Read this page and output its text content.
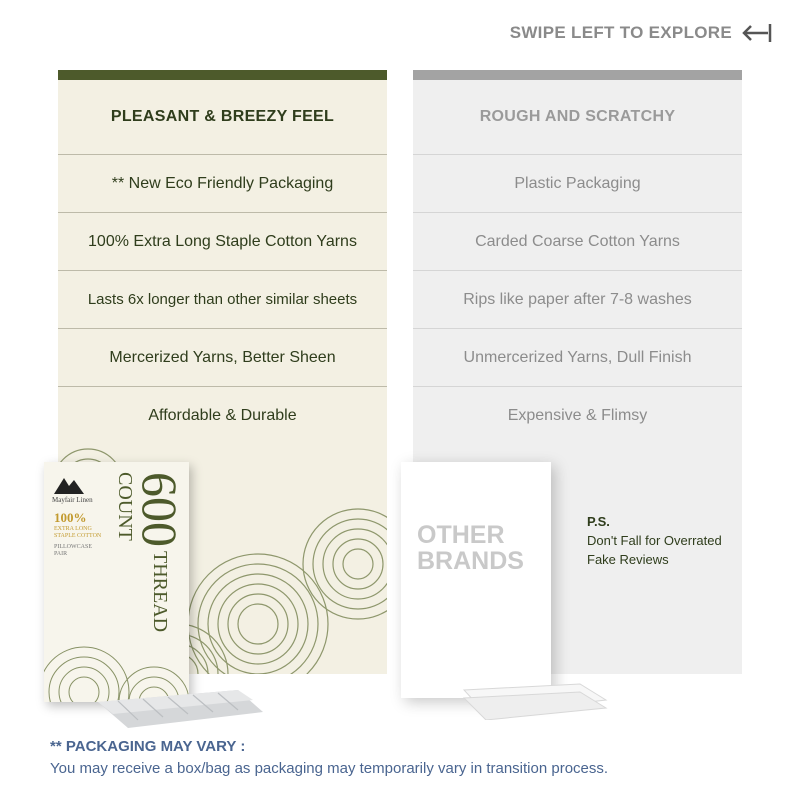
SWIPE LEFT TO EXPLORE
PLEASANT & BREEZY FEEL
** New Eco Friendly Packaging
100% Extra Long Staple Cotton Yarns
Lasts 6x longer than other similar sheets
Mercerized Yarns, Better Sheen
Affordable & Durable
ROUGH AND SCRATCHY
Plastic Packaging
Carded Coarse Cotton Yarns
Rips like paper after 7-8 washes
Unmercerized Yarns, Dull Finish
Expensive & Flimsy
Mayfair Linen
100%
EXTRA LONG
STAPLE COTTON
PILLOWCASE
PAIR
600 THREAD COUNT	OTHER
BRANDS
P.S.
Don't Fall for Overrated Fake Reviews
** PACKAGING MAY VARY :
You may receive a box/bag as packaging may temporarily vary in transition process.
